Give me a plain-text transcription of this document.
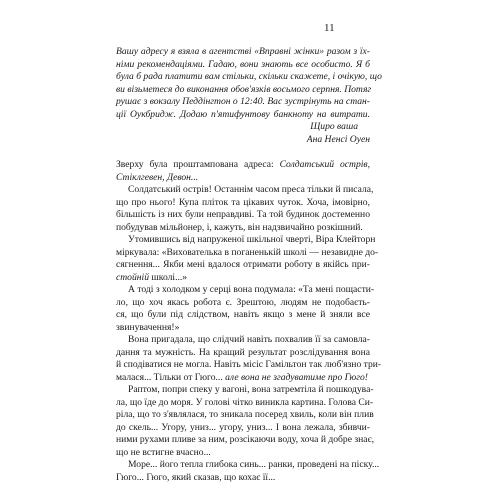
11
Вашу адресу я взяла в агентстві «Вправні жінки» разом з їх-
німи рекомендаціями. Гадаю, вони знають все особисто. Я б
була б рада платити вам стільки, скільки скажете, і очікую, що
ви візьметеся до виконання обов'язків восьмого серпня. Потяг
рушає з вокзалу Педдінгтон о 12:40. Вас зустрінуть на стан-
ції Оукбридж. Додаю п'ятифунтову банкноту на витрати.
Щиро ваша
Ана Ненсі Оуен
Зверху була проштампована адреса: Солдатський острів,
Стіклгевен, Девон...
Солдатський острів! Останнім часом преса тільки й писала,
що про нього! Купа пліток та цікавих чуток. Хоча, імовірно,
більшість із них були неправдиві. Та той будинок достеменно
побудував мільйонер, і, кажуть, він надзвичайно розкішний.
Утомившись від напруженої шкільної чверті, Віра Клейторн
міркувала: «Вихователька в поганенькій школі — незавидне до-
сягнення... Якби мені вдалося отримати роботу в якійсь при-
стойній школі...»
А тоді з холодком у серці вона подумала: «Та мені пощасти-
ло, що хоч якась робота є. Зрештою, людям не подобаєть-
ся, що були під слідством, навіть якщо з мене й зняли все
звинувачення!»
Вона пригадала, що слідчий навіть похвалив її за самовла-
дання та мужність. На кращий результат розслідування вона
й сподіватися не могла. Навіть місіс Гамільтон так люб'язно три-
малася... Тільки от Гюго... але вона не згадуватиме про Гюго!
Раптом, попри спеку у вагоні, вона затремтіла й пошкодува-
ла, що їде до моря. У голові чітко виникла картина. Голова Си-
ріла, що то з'являлася, то зникала посеред хвиль, коли він плив
до скель... Угору, униз... угору, униз... І вона лежала, збивчи-
ними рухами пливе за ним, розсікаючи воду, хоча й добре знає,
що не встигне вчасно...
Море... його тепла глибока синь... ранки, проведені на піску...
Гюго... Гюго, який сказав, що кохає її...
